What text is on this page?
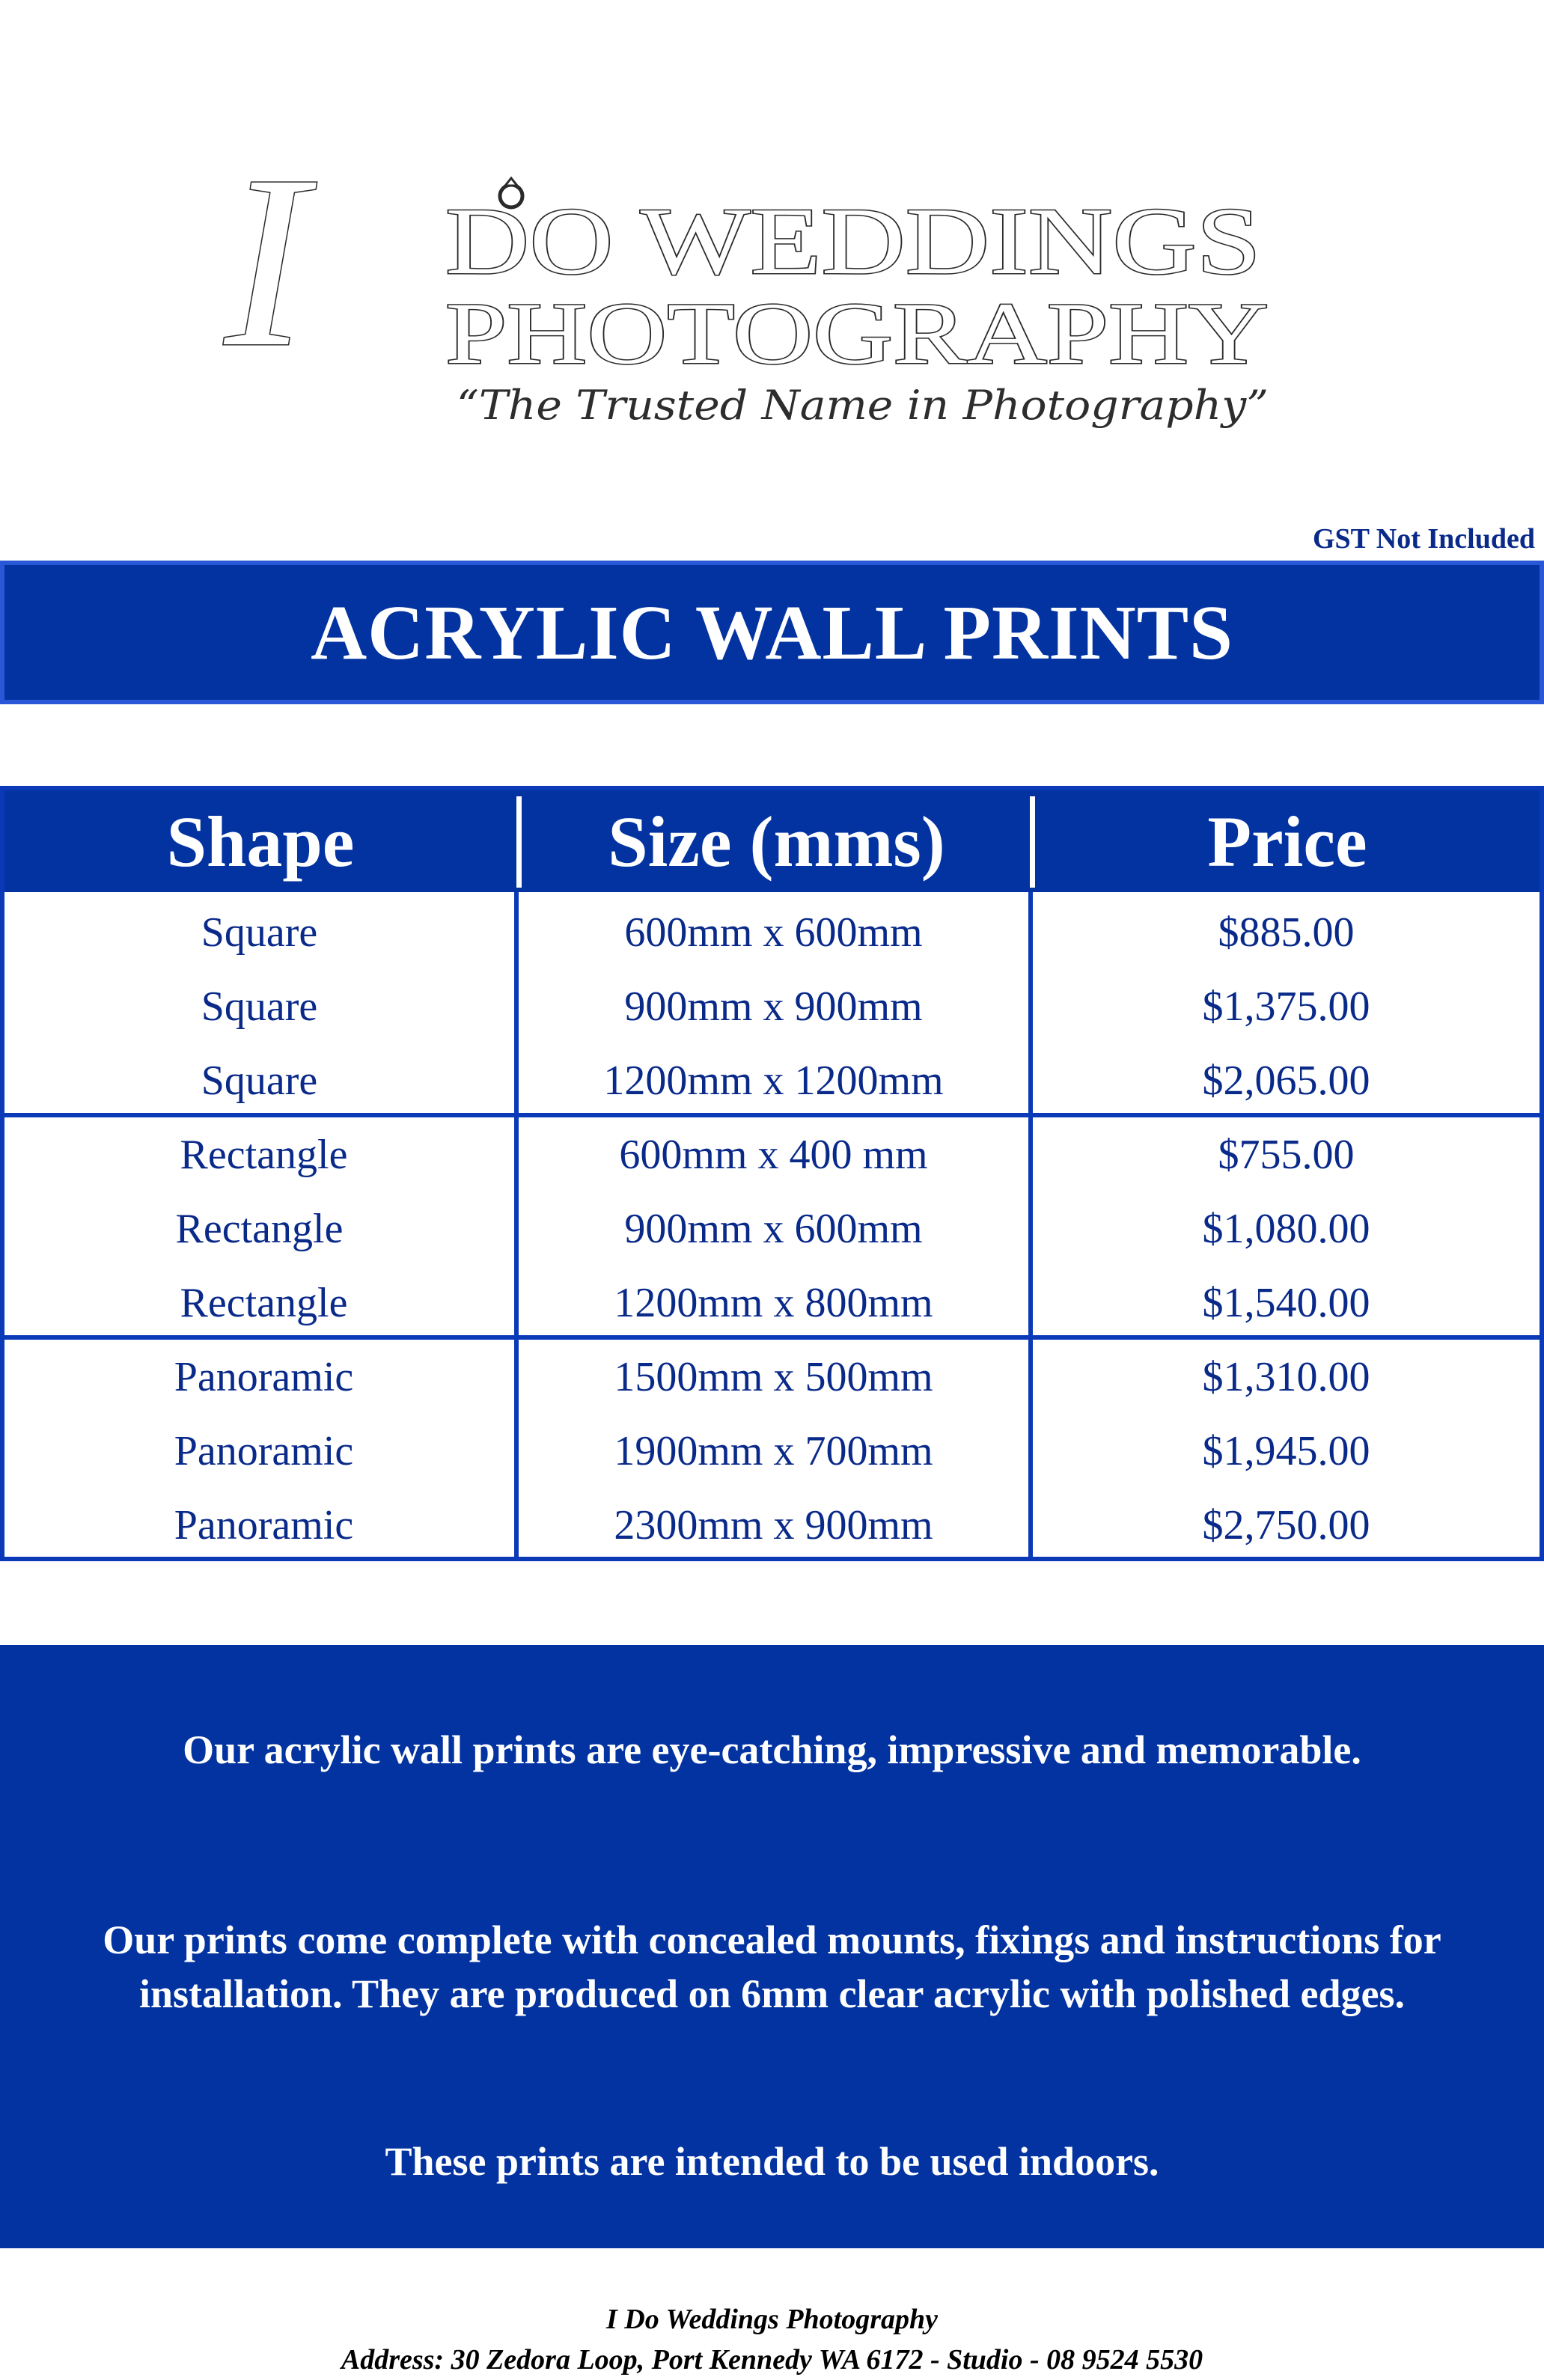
I DO WEDDINGS
PHOTOGRAPHY
“The Trusted Name in Photography”
GST Not Included
ACRYLIC WALL PRINTS
Shape	Size (mms)	Price
Square	600mm x 600mm	$885.00
Square	900mm x 900mm	$1,375.00
Square	1200mm x 1200mm	$2,065.00
Rectangle	600mm x 400 mm	$755.00
Rectangle	900mm x 600mm	$1,080.00
Rectangle	1200mm x 800mm	$1,540.00
Panoramic	1500mm x 500mm	$1,310.00
Panoramic	1900mm x 700mm	$1,945.00
Panoramic	2300mm x 900mm	$2,750.00

Our acrylic wall prints are eye-catching, impressive and memorable.

Our prints come complete with concealed mounts, fixings and instructions for

installation. They are produced on 6mm clear acrylic with polished edges.

These prints are intended to be used indoors.

I Do Weddings Photography
Address: 30 Zedora Loop, Port Kennedy WA 6172 - Studio - 08 9524 5530
